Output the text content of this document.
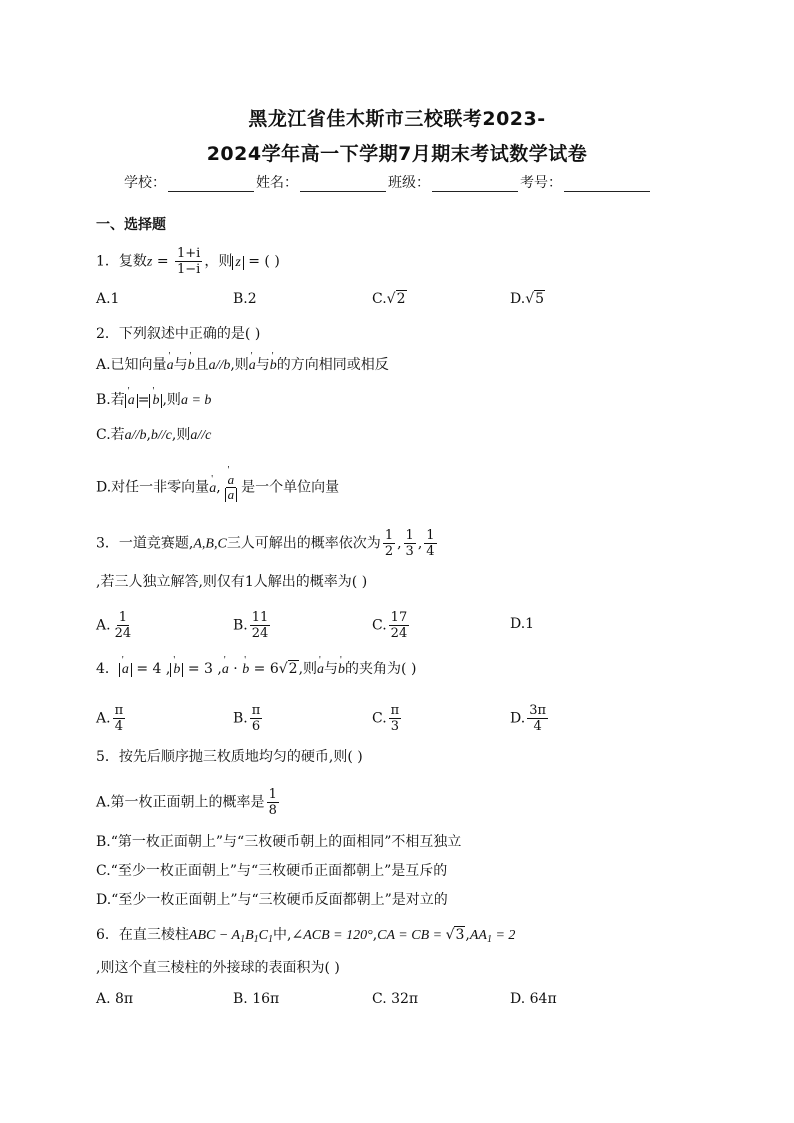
黑龙江省佳木斯市三校联考2023-
2024学年高一下学期7月期末考试数学试卷
学校：	姓名：	班级：	考号：
一、选择题
1．复数$z = \frac{1+i}{1-i}$ ，则 z = ( )
A.1	B.2	C.√2	D.√5
2．下列叙述中正确的是( )
A.已知向量' a与' b且a//b,则' a与' b的方向相同或相反
B.若 ' a = ' b ,则a = b
C.若a//b,b//c,则a//c
D.对任一非零向量' a, ' a
' a 是一个单位向量
3．一道竞赛题,A,B,C三人可解出的概率依次为 $\frac{1}{2}$ , $\frac{1}{3}$ , $\frac{1}{4}$
,若三人独立解答,则仅有1人解出的概率为( )
A. $\frac{1}{24}$	B. $\frac{11}{24}$	C. $\frac{17}{24}$	D.1
4． ' a = 4 , ' b = 3 ,' a · ' b = 6√2,则' a与' b的夹角为( )
A. $\frac{\pi}{4}$	B. $\frac{\pi}{6}$	C. $\frac{\pi}{3}$	D. $\frac{3\pi}{4}$
5．按先后顺序抛三枚质地均匀的硬币,则( )
A.第一枚正面朝上的概率是 $\frac{1}{8}$
B.“第一枚正面朝上”与“三枚硬币朝上的面相同”不相互独立
C.“至少一枚正面朝上”与“三枚硬币正面都朝上”是互斥的
D.“至少一枚正面朝上”与“三枚硬币反面都朝上”是对立的
6．在直三棱柱ABC − $A_1B_1C_1$中,∠ACB = 120°,CA = CB = $√3,AA_1 = 2$
,则这个直三棱柱的外接球的表面积为( )
A. 8π	B. 16π	C. 32π	D. 64π
